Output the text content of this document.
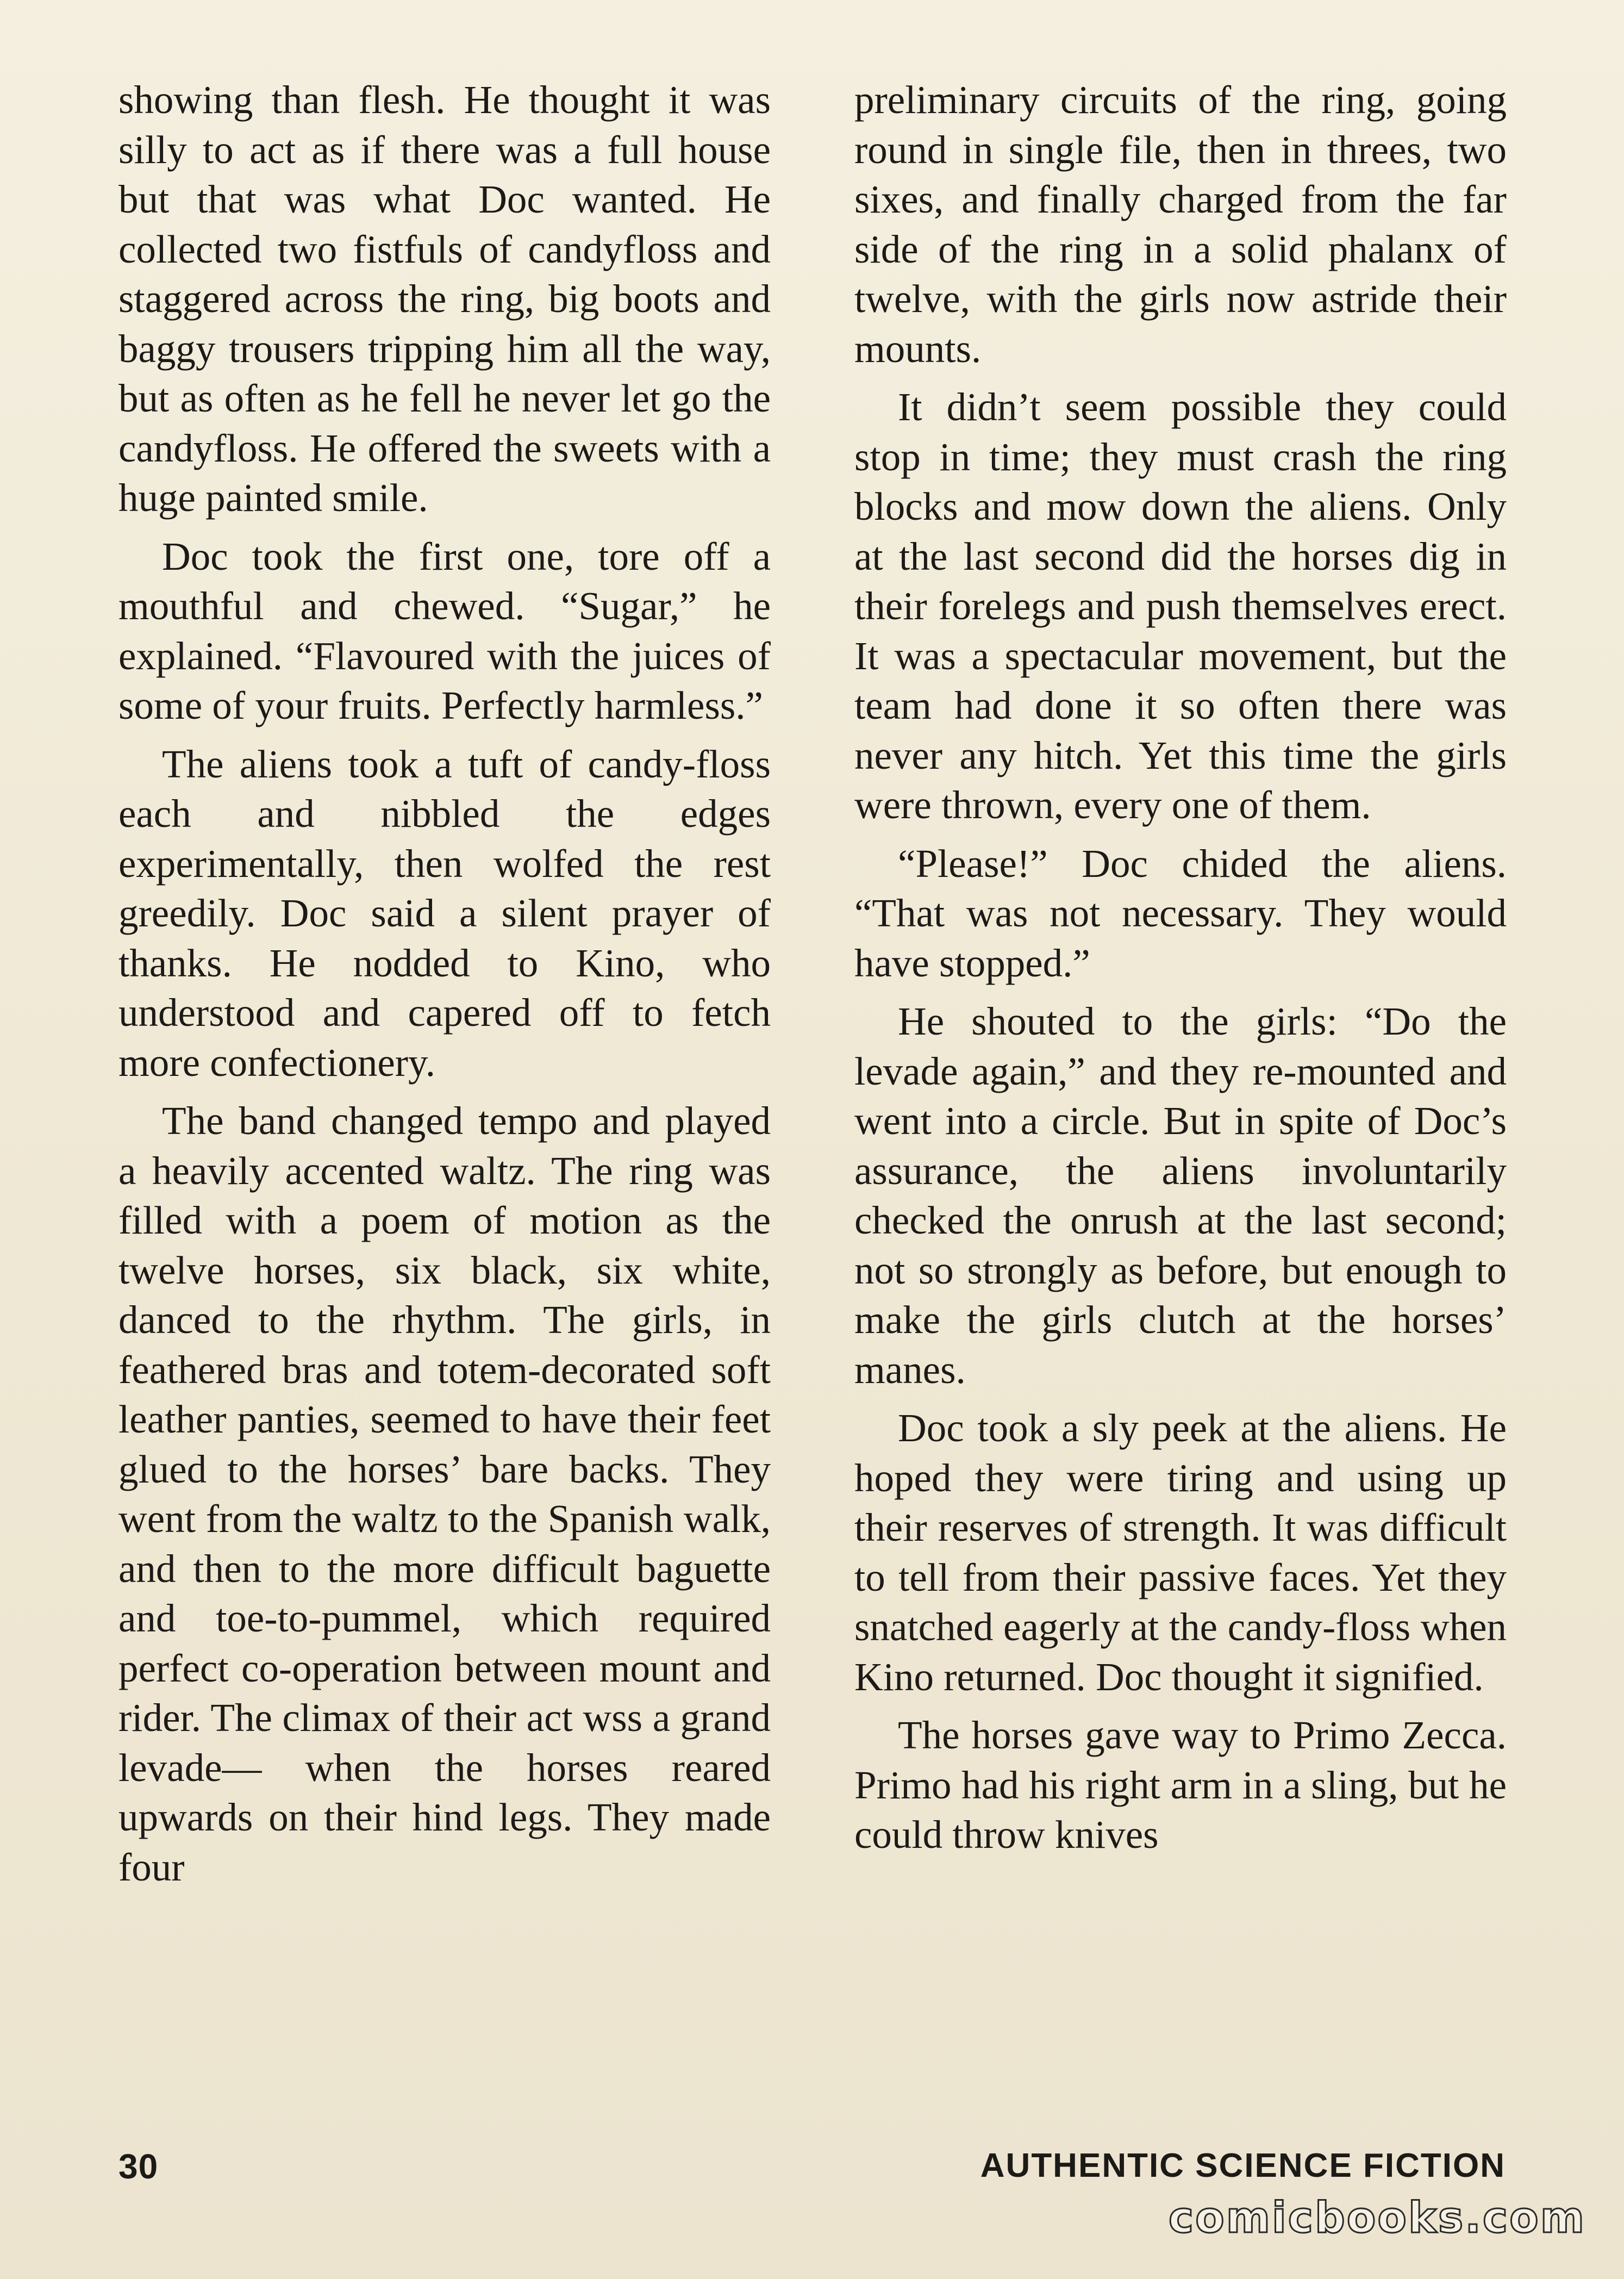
showing than flesh. He thought it was silly to act as if there was a full house but that was what Doc wanted. He collected two fistfuls of candyfloss and staggered across the ring, big boots and baggy trousers tripping him all the way, but as often as he fell he never let go the candyfloss. He offered the sweets with a huge painted smile.

Doc took the first one, tore off a mouthful and chewed. “Sugar,” he explained. “Flavoured with the juices of some of your fruits. Perfectly harmless.”

The aliens took a tuft of candy-floss each and nibbled the edges experimentally, then wolfed the rest greedily. Doc said a silent prayer of thanks. He nodded to Kino, who understood and capered off to fetch more confectionery.

The band changed tempo and played a heavily accented waltz. The ring was filled with a poem of motion as the twelve horses, six black, six white, danced to the rhythm. The girls, in feathered bras and totem-decorated soft leather panties, seemed to have their feet glued to the horses’ bare backs. They went from the waltz to the Spanish walk, and then to the more difficult baguette and toe-to-pummel, which required perfect co-operation between mount and rider. The climax of their act wss a grand levade— when the horses reared upwards on their hind legs. They made four

preliminary circuits of the ring, going round in single file, then in threes, two sixes, and finally charged from the far side of the ring in a solid phalanx of twelve, with the girls now astride their mounts.

It didn’t seem possible they could stop in time; they must crash the ring blocks and mow down the aliens. Only at the last second did the horses dig in their forelegs and push themselves erect. It was a spectacular movement, but the team had done it so often there was never any hitch. Yet this time the girls were thrown, every one of them.

“Please!” Doc chided the aliens. “That was not necessary. They would have stopped.”

He shouted to the girls: “Do the levade again,” and they re-mounted and went into a circle. But in spite of Doc’s assurance, the aliens involuntarily checked the onrush at the last second; not so strongly as before, but enough to make the girls clutch at the horses’ manes.

Doc took a sly peek at the aliens. He hoped they were tiring and using up their reserves of strength. It was difficult to tell from their passive faces. Yet they snatched eagerly at the candy-floss when Kino returned. Doc thought it signified.

The horses gave way to Primo Zecca. Primo had his right arm in a sling, but he could throw knives

30	AUTHENTIC SCIENCE FICTION
comicbooks.com
